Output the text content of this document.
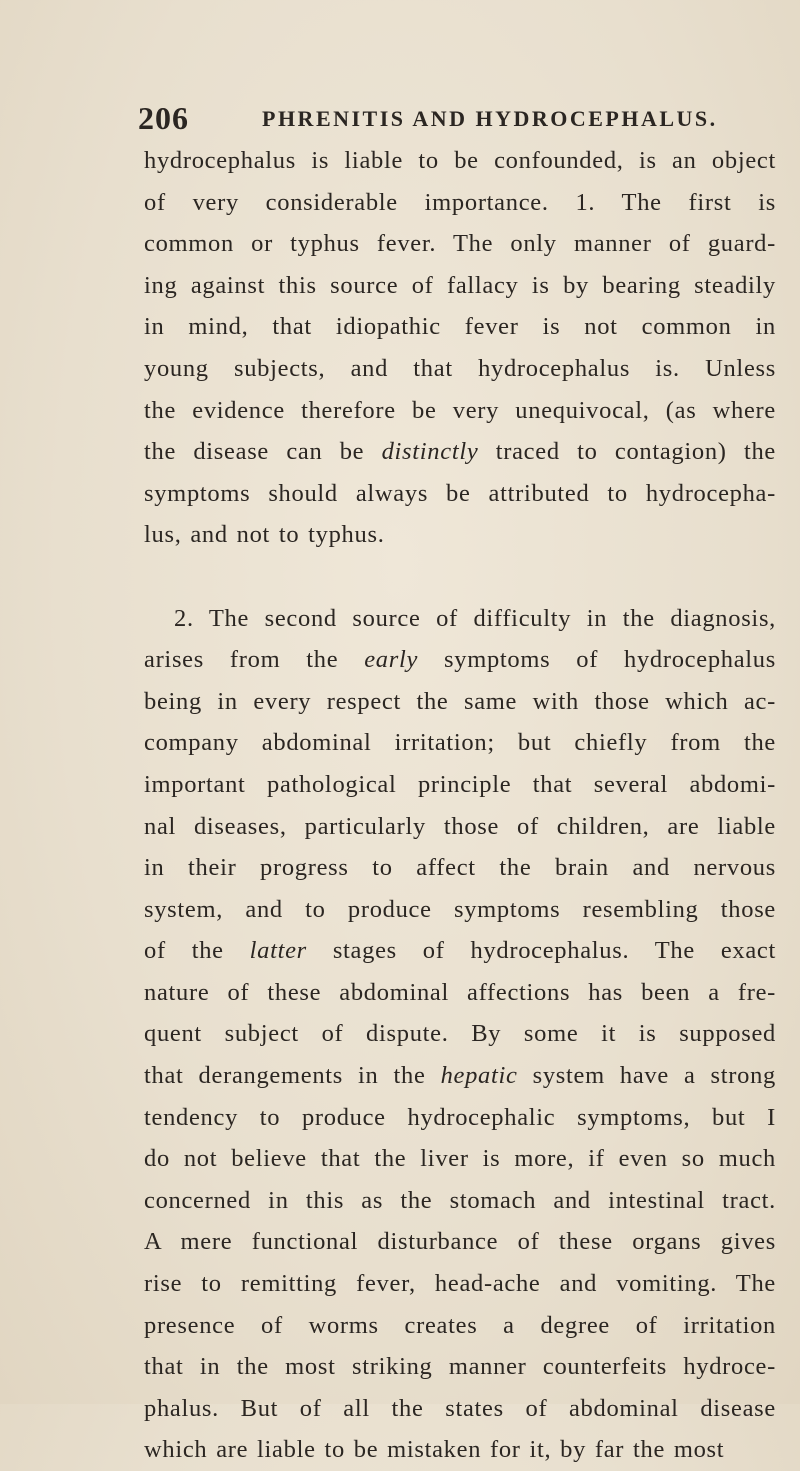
206	PHRENITIS AND HYDROCEPHALUS.
hydrocephalus is liable to be confounded, is an object
of very considerable importance. 1. The first is
common or typhus fever. The only manner of guard-
ing against this source of fallacy is by bearing steadily
in mind, that idiopathic fever is not common in
young subjects, and that hydrocephalus is. Unless
the evidence therefore be very unequivocal, (as where
the disease can be distinctly traced to contagion) the
symptoms should always be attributed to hydrocepha-
lus, and not to typhus.
2. The second source of difficulty in the diagnosis,
arises from the early symptoms of hydrocephalus
being in every respect the same with those which ac-
company abdominal irritation; but chiefly from the
important pathological principle that several abdomi-
nal diseases, particularly those of children, are liable
in their progress to affect the brain and nervous
system, and to produce symptoms resembling those
of the latter stages of hydrocephalus. The exact
nature of these abdominal affections has been a fre-
quent subject of dispute. By some it is supposed
that derangements in the hepatic system have a strong
tendency to produce hydrocephalic symptoms, but I
do not believe that the liver is more, if even so much
concerned in this as the stomach and intestinal tract.
A mere functional disturbance of these organs gives
rise to remitting fever, head-ache and vomiting. The
presence of worms creates a degree of irritation
that in the most striking manner counterfeits hydroce-
phalus. But of all the states of abdominal disease
which are liable to be mistaken for it, by far the most
